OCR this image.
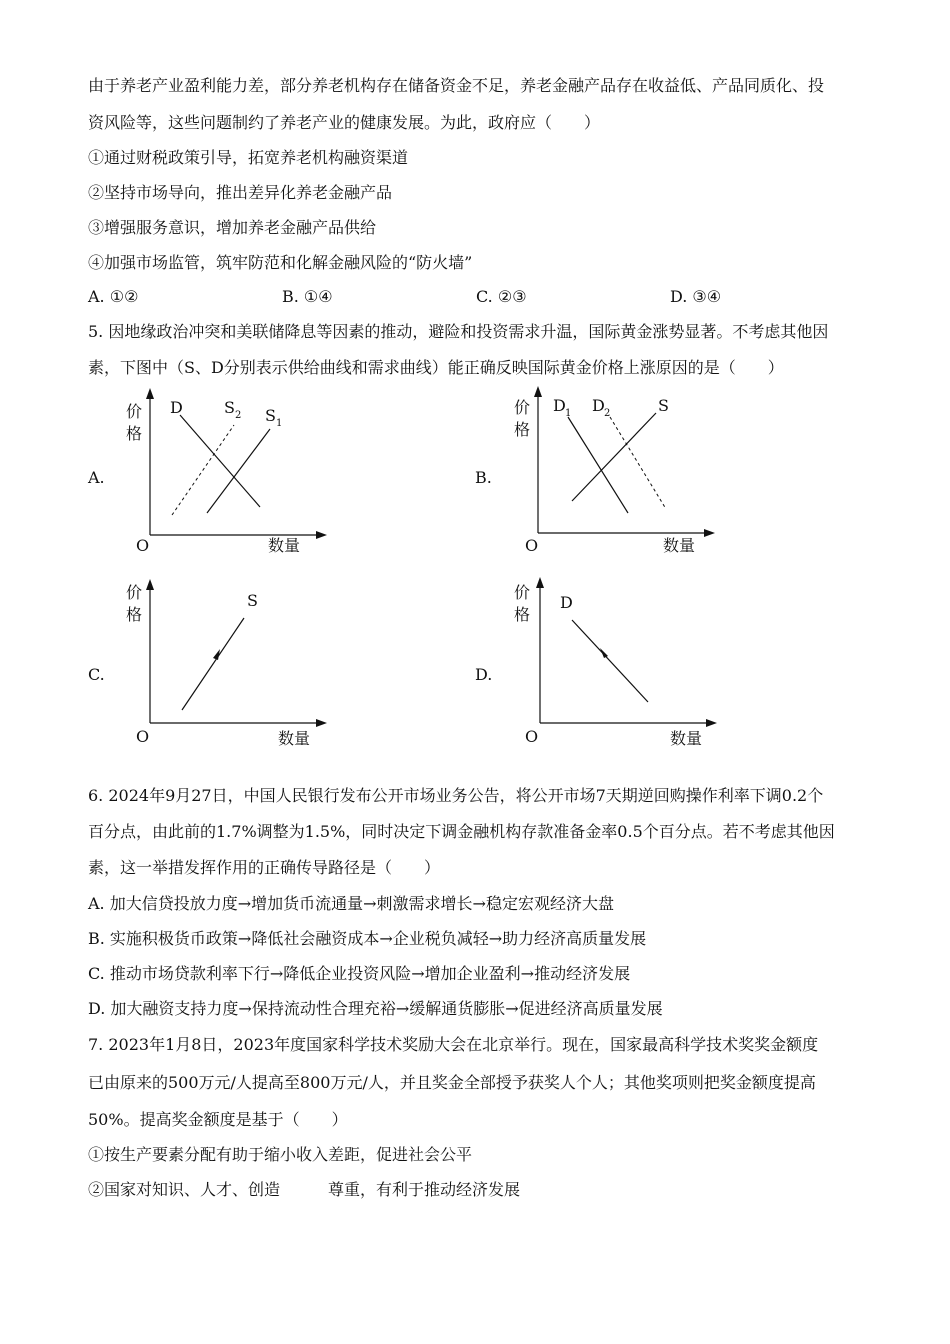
由于养老产业盈利能力差，部分养老机构存在储备资金不足，养老金融产品存在收益低、产品同质化、投
资风险等，这些问题制约了养老产业的健康发展。为此，政府应（　　）
①通过财税政策引导，拓宽养老机构融资渠道
②坚持市场导向，推出差异化养老金融产品
③增强服务意识，增加养老金融产品供给
④加强市场监管，筑牢防范和化解金融风险的“防火墙”
A. ①②	B. ①④	C. ②③	D. ③④
5. 因地缘政治冲突和美联储降息等因素的推动，避险和投资需求升温，国际黄金涨势显著。不考虑其他因
素，下图中（S、D分别表示供给曲线和需求曲线）能正确反映国际黄金价格上涨原因的是（　　）
A.	B.
C.	D.
价
格
O	数量
D	S 2 S 1
价
格
O	数量
D 1 D 2	S
价
格
O	数量
S	价
格
O	数量
D
6. 2024年9月27日，中国人民银行发布公开市场业务公告，将公开市场7天期逆回购操作利率下调0.2个
百分点，由此前的1.7%调整为1.5%，同时决定下调金融机构存款准备金率0.5个百分点。若不考虑其他因
素，这一举措发挥作用的正确传导路径是（　　）
A. 加大信贷投放力度→增加货币流通量→刺激需求增长→稳定宏观经济大盘
B. 实施积极货币政策→降低社会融资成本→企业税负减轻→助力经济高质量发展
C. 推动市场贷款利率下行→降低企业投资风险→增加企业盈利→推动经济发展
D. 加大融资支持力度→保持流动性合理充裕→缓解通货膨胀→促进经济高质量发展
7. 2023年1月8日，2023年度国家科学技术奖励大会在北京举行。现在，国家最高科学技术奖奖金额度
已由原来的500万元/人提高至800万元/人，并且奖金全部授予获奖人个人；其他奖项则把奖金额度提高
50%。提高奖金额度是基于（　　）
①按生产要素分配有助于缩小收入差距，促进社会公平
②国家对知识、人才、创造　　　尊重，有利于推动经济发展
